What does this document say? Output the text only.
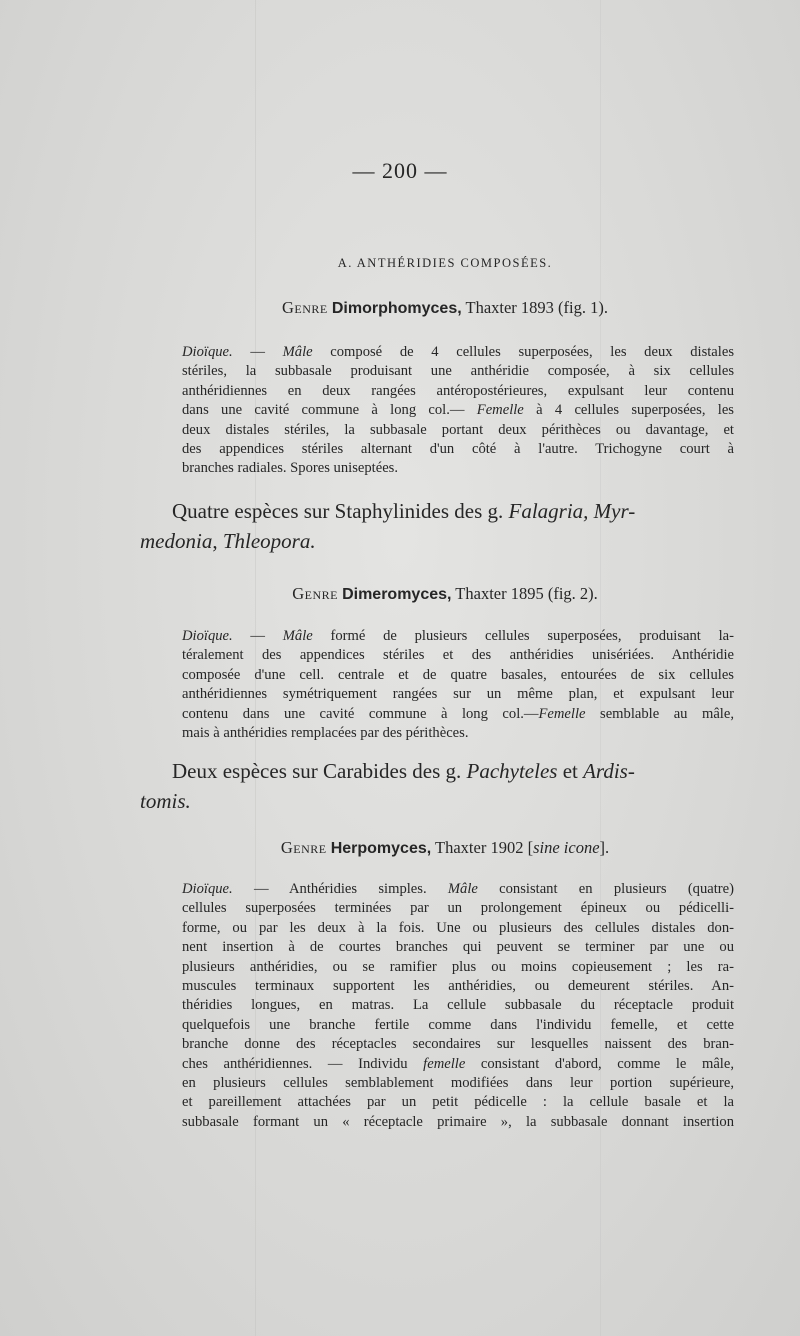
— 200 —
A. ANTHÉRIDIES COMPOSÉES.
Genre Dimorphomyces, Thaxter 1893 (fig. 1).
Dioïque. — Mâle composé de 4 cellules superposées, les deux distales
stériles, la subbasale produisant une anthéridie composée, à six cellules
anthéridiennes en deux rangées antéropostérieures, expulsant leur contenu
dans une cavité commune à long col.— Femelle à 4 cellules superposées, les
deux distales stériles, la subbasale portant deux périthèces ou davantage, et
des appendices stériles alternant d'un côté à l'autre. Trichogyne court à
branches radiales. Spores uniseptées.
Quatre espèces sur Staphylinides des g. Falagria, Myr-
medonia, Thleopora.
Genre Dimeromyces, Thaxter 1895 (fig. 2).
Dioïque. — Mâle formé de plusieurs cellules superposées, produisant la-
téralement des appendices stériles et des anthéridies unisériées. Anthéridie
composée d'une cell. centrale et de quatre basales, entourées de six cellules
anthéridiennes symétriquement rangées sur un même plan, et expulsant leur
contenu dans une cavité commune à long col.—Femelle semblable au mâle,
mais à anthéridies remplacées par des périthèces.
Deux espèces sur Carabides des g. Pachyteles et Ardis-
tomis.
Genre Herpomyces, Thaxter 1902 [sine icone].
Dioïque. — Anthéridies simples. Mâle consistant en plusieurs (quatre)
cellules superposées terminées par un prolongement épineux ou pédicelli-
forme, ou par les deux à la fois. Une ou plusieurs des cellules distales don-
nent insertion à de courtes branches qui peuvent se terminer par une ou
plusieurs anthéridies, ou se ramifier plus ou moins copieusement ; les ra-
muscules terminaux supportent les anthéridies, ou demeurent stériles. An-
théridies longues, en matras. La cellule subbasale du réceptacle produit
quelquefois une branche fertile comme dans l'individu femelle, et cette
branche donne des réceptacles secondaires sur lesquelles naissent des bran-
ches anthéridiennes. — Individu femelle consistant d'abord, comme le mâle,
en plusieurs cellules semblablement modifiées dans leur portion supérieure,
et pareillement attachées par un petit pédicelle : la cellule basale et la
subbasale formant un « réceptacle primaire », la subbasale donnant insertion
